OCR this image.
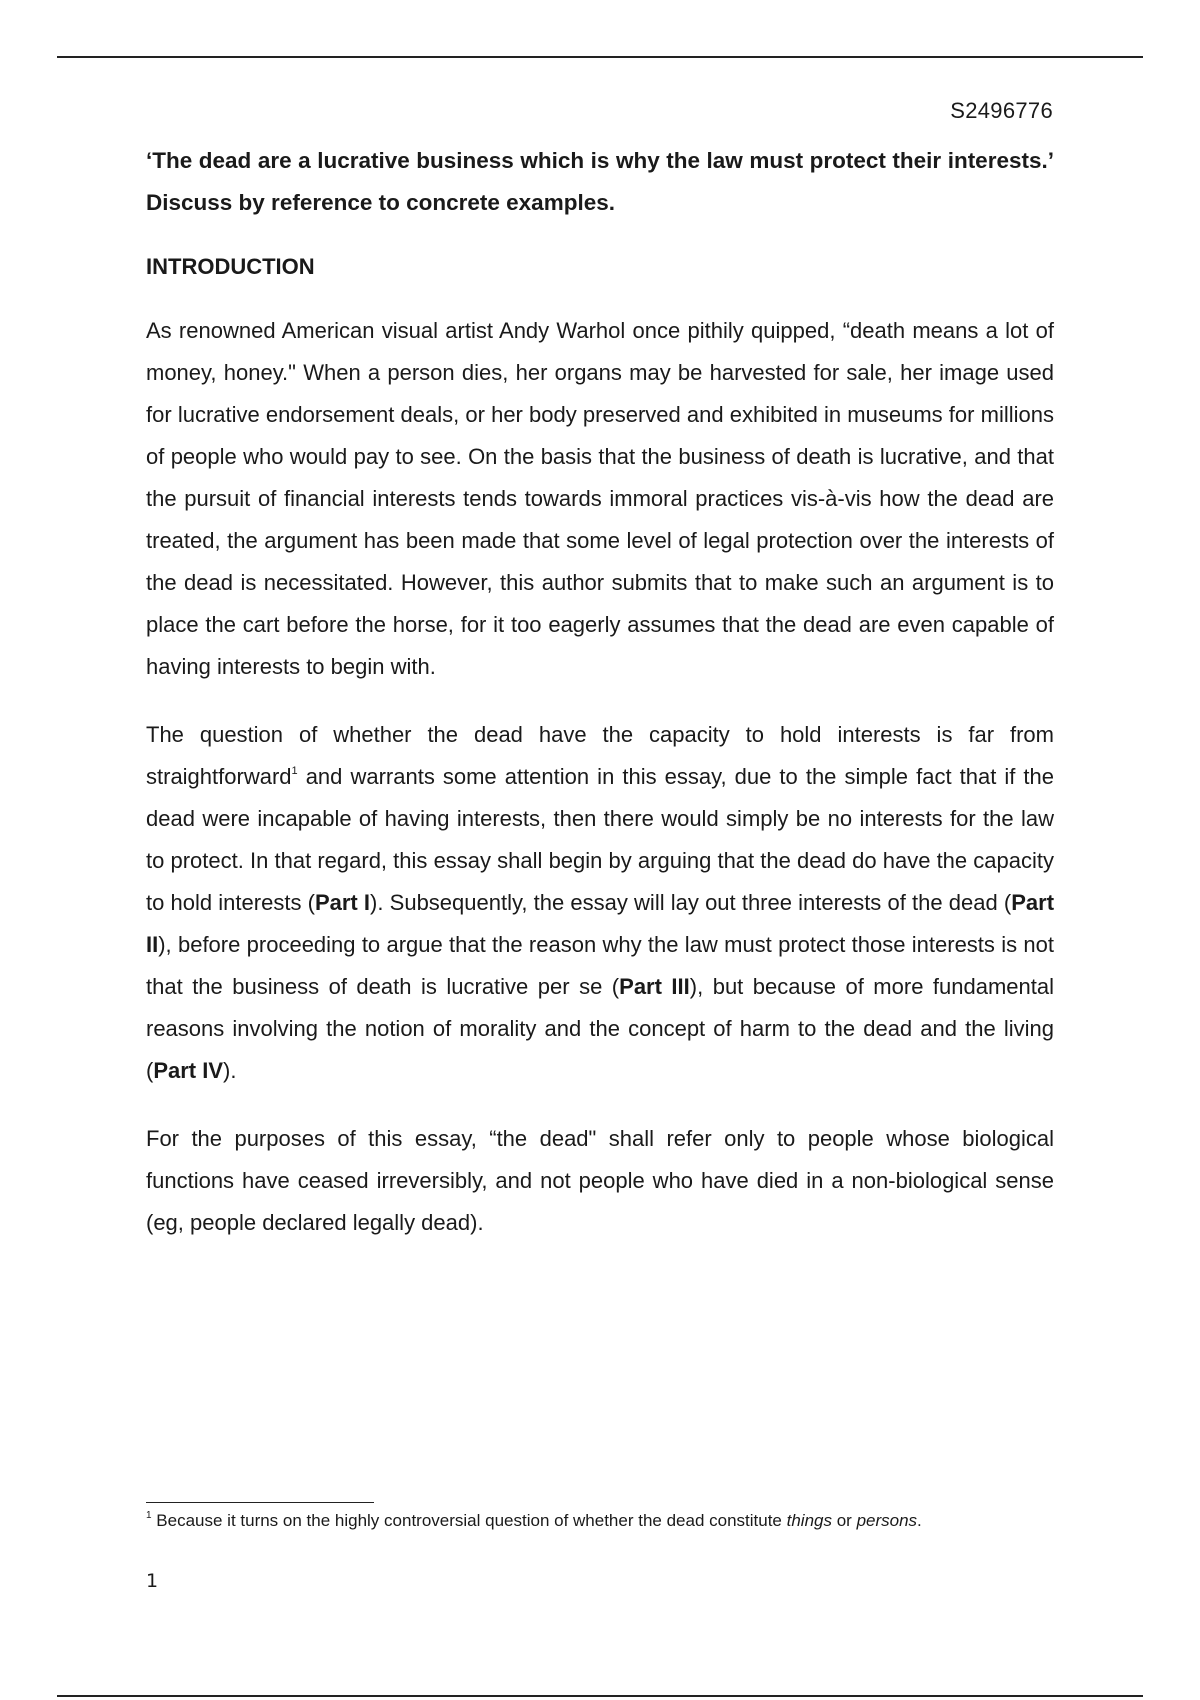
S2496776

‘The dead are a lucrative business which is why the law must protect their interests.’ Discuss by reference to concrete examples.

INTRODUCTION

As renowned American visual artist Andy Warhol once pithily quipped, “death means a lot of money, honey." When a person dies, her organs may be harvested for sale, her image used for lucrative endorsement deals, or her body preserved and exhibited in museums for millions of people who would pay to see. On the basis that the business of death is lucrative, and that the pursuit of financial interests tends towards immoral practices vis-à-vis how the dead are treated, the argument has been made that some level of legal protection over the interests of the dead is necessitated. However, this author submits that to make such an argument is to place the cart before the horse, for it too eagerly assumes that the dead are even capable of having interests to begin with.

The question of whether the dead have the capacity to hold interests is far from straightforward$^1$ and warrants some attention in this essay, due to the simple fact that if the dead were incapable of having interests, then there would simply be no interests for the law to protect. In that regard, this essay shall begin by arguing that the dead do have the capacity to hold interests (Part I). Subsequently, the essay will lay out three interests of the dead (Part II), before proceeding to argue that the reason why the law must protect those interests is not that the business of death is lucrative per se (Part III), but because of more fundamental reasons involving the notion of morality and the concept of harm to the dead and the living (Part IV).

For the purposes of this essay, “the dead" shall refer only to people whose biological functions have ceased irreversibly, and not people who have died in a non-biological sense (eg, people declared legally dead).

$^1$ Because it turns on the highly controversial question of whether the dead constitute things or persons.

1
